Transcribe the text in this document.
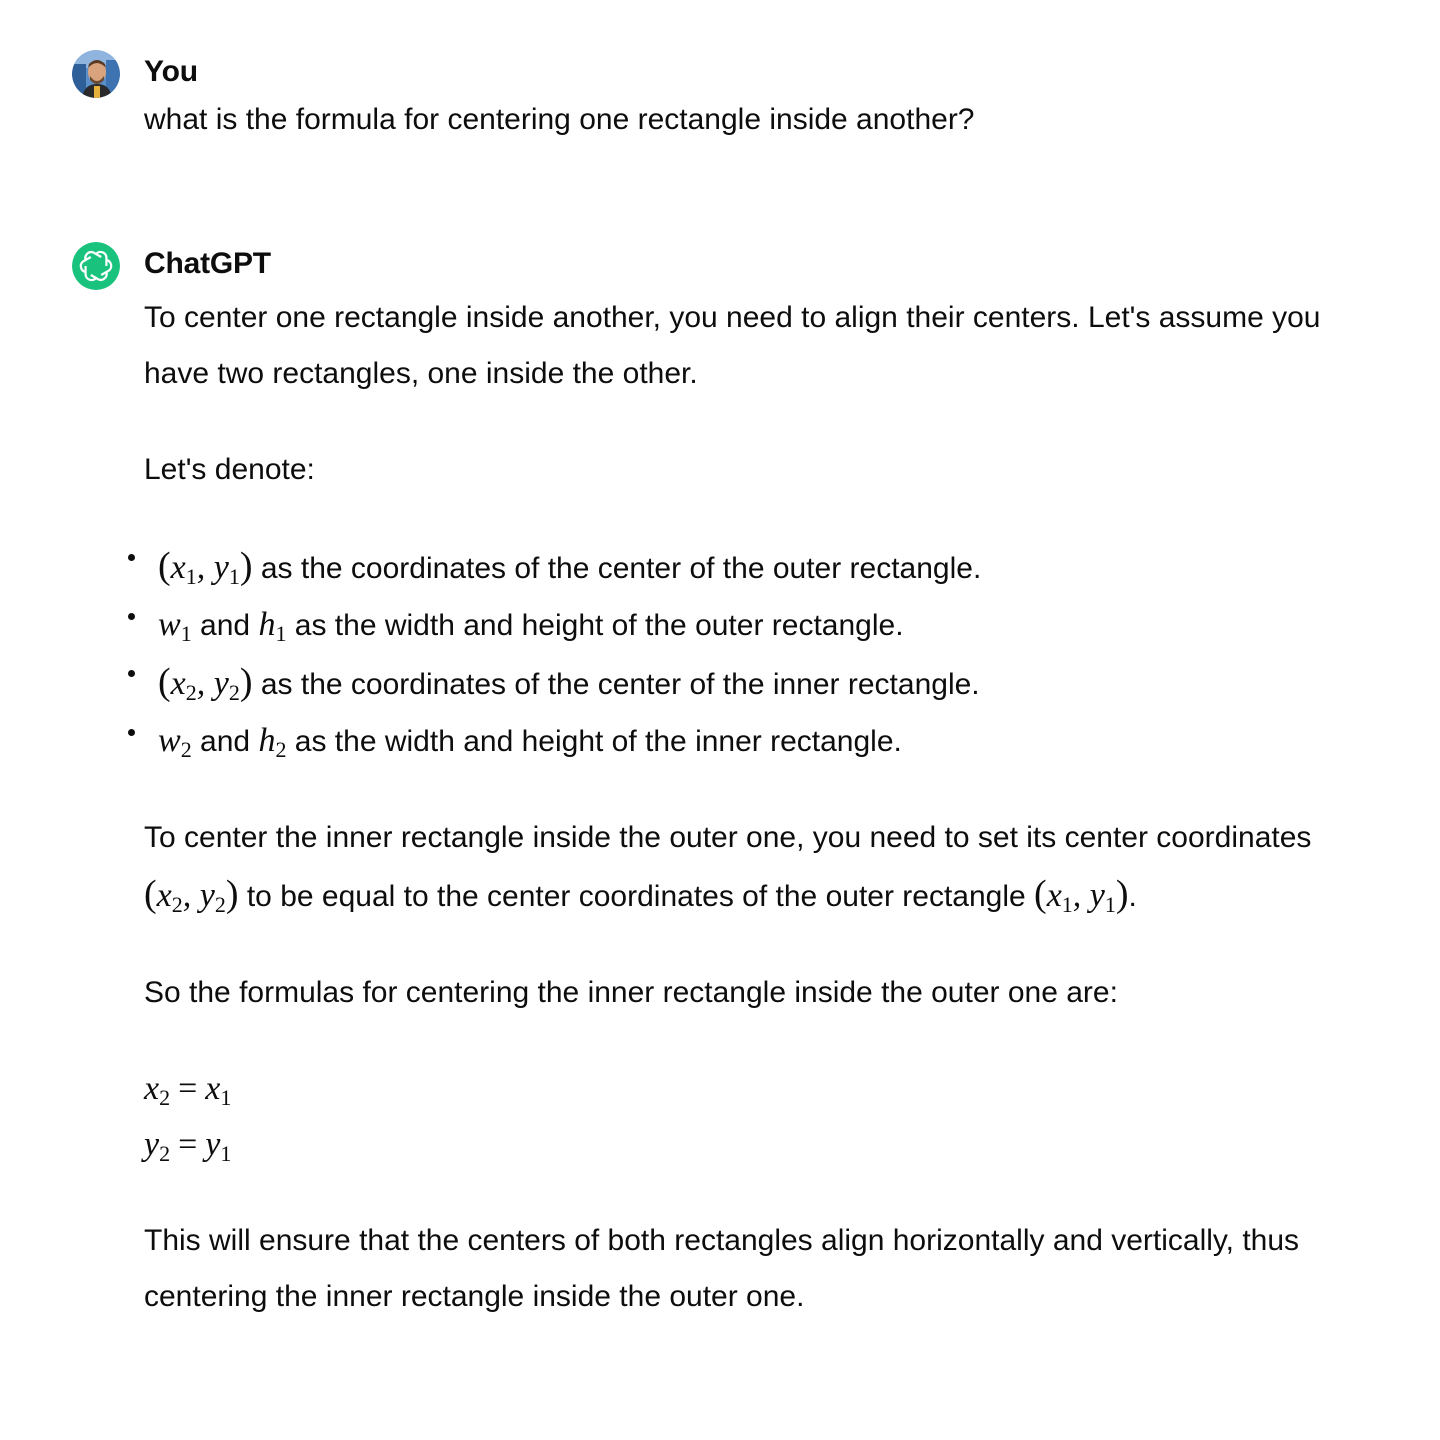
You

what is the formula for centering one rectangle inside another?

ChatGPT

To center one rectangle inside another, you need to align their centers. Let's assume you have two rectangles, one inside the other.

Let's denote:

($x_1$, $y_1$) as the coordinates of the center of the outer rectangle.
$w_1$ and $h_1$ as the width and height of the outer rectangle.
($x_2$, $y_2$) as the coordinates of the center of the inner rectangle.
$w_2$ and $h_2$ as the width and height of the inner rectangle.

To center the inner rectangle inside the outer one, you need to set its center coordinates ($x_2$, $y_2$) to be equal to the center coordinates of the outer rectangle ($x_1$, $y_1$).

So the formulas for centering the inner rectangle inside the outer one are:

$x_2 = x_1$
$y_2 = y_1$

This will ensure that the centers of both rectangles align horizontally and vertically, thus centering the inner rectangle inside the outer one.
